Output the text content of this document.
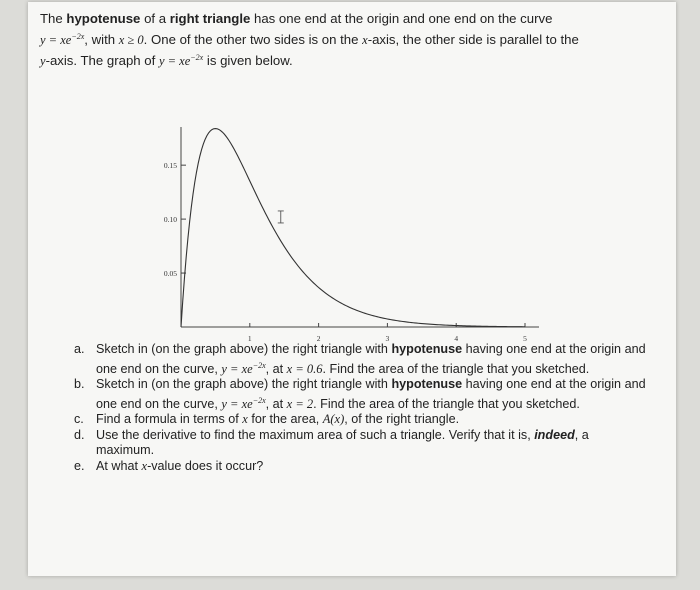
The hypotenuse of a right triangle has one end at the origin and one end on the curve
$y = xe^{-2x}$, with x ≥ 0. One of the other two sides is on the x-axis, the other side is parallel to the
y-axis. The graph of $y = xe^{-2x}$ is given below.
0.15
0.10
0.05
1	2	3	4	5
a. Sketch in (on the graph above) the right triangle with hypotenuse having one end at the origin and one end on the curve, $y = xe^{-2x}$, at x = 0.6. Find the area of the triangle that you sketched.
b. Sketch in (on the graph above) the right triangle with hypotenuse having one end at the origin and one end on the curve, $y = xe^{-2x}$, at x = 2. Find the area of the triangle that you sketched.
c. Find a formula in terms of x for the area, A(x), of the right triangle.
d. Use the derivative to find the maximum area of such a triangle. Verify that it is, indeed, a maximum.
e. At what x-value does it occur?
